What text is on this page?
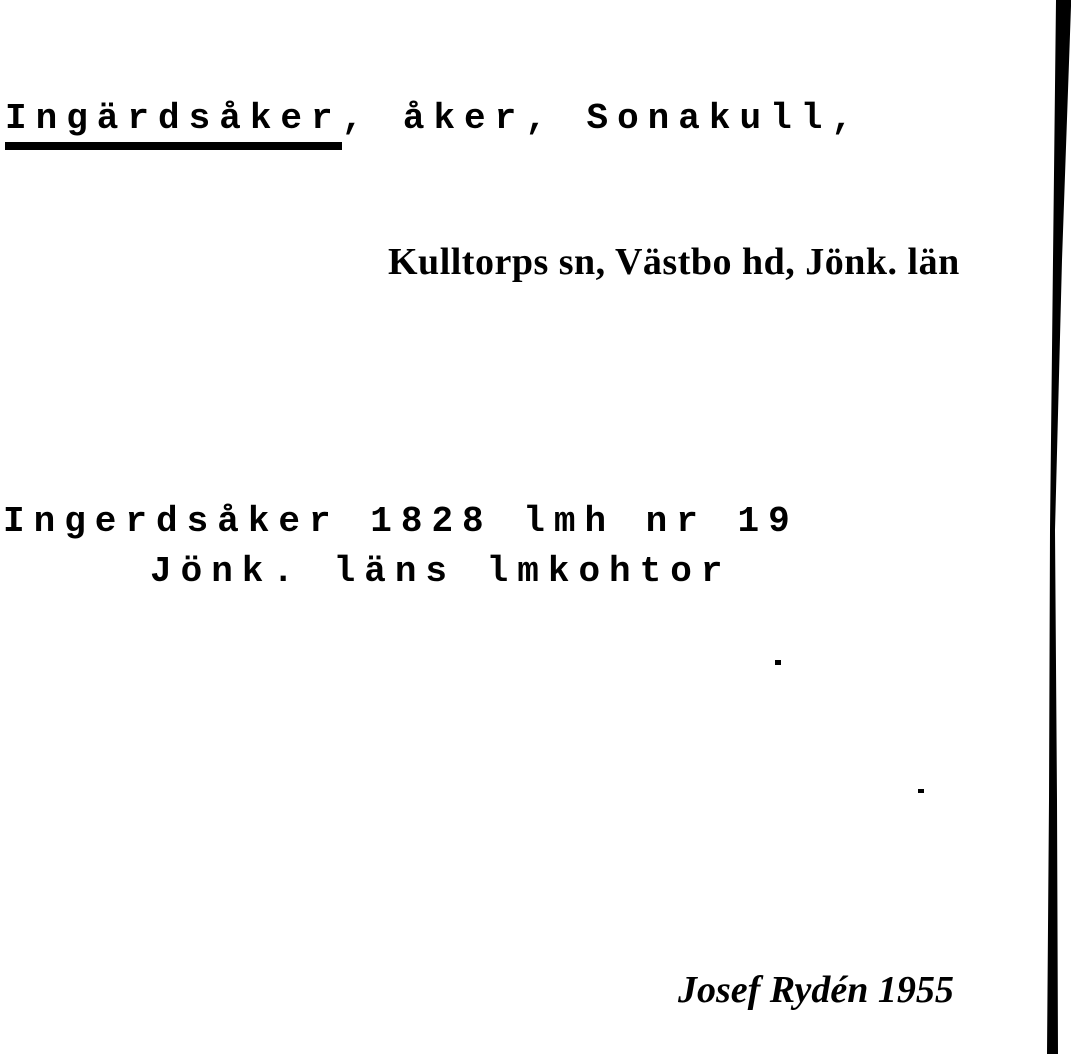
Ingärdsåker, åker, Sonakull,
Kulltorps sn, Västbo hd, Jönk. län
Ingerdsåker 1828 lmh nr 19
Jönk. läns lmkohtor
Josef Rydén 1955
